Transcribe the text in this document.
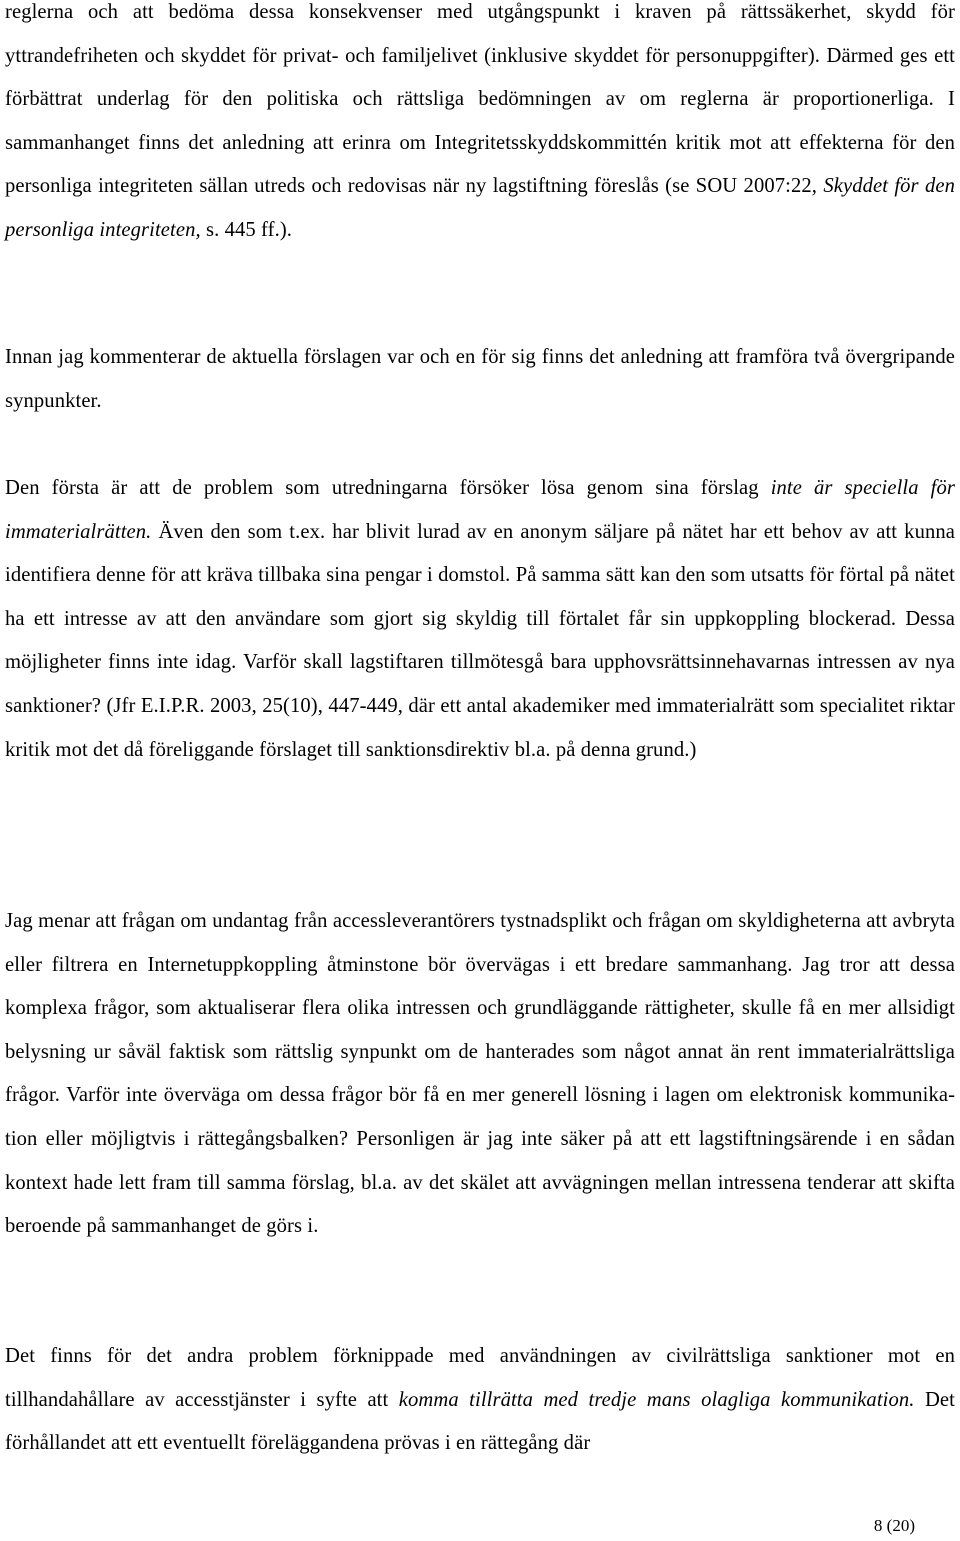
reglerna och att bedöma dessa konsekvenser med utgångspunkt i kraven på rättssäkerhet, skydd för yttrandefriheten och skyddet för privat- och familjelivet (inklusive skyddet för personuppgifter). Därmed ges ett förbättrat underlag för den politiska och rättsliga bedömningen av om reglerna är proportionerliga. I sammanhanget finns det anledning att erinra om Integritetsskyddskommittén kritik mot att effekterna för den personliga integriteten sällan utreds och redovisas när ny lagstiftning föreslås (se SOU 2007:22, Skyddet för den personliga integriteten, s. 445 ff.).

Innan jag kommenterar de aktuella förslagen var och en för sig finns det anledning att framföra två övergripande synpunkter.

Den första är att de problem som utredningarna försöker lösa genom sina förslag inte är speciella för immaterialrätten. Även den som t.ex. har blivit lurad av en anonym säljare på nätet har ett behov av att kunna identifiera denne för att kräva tillbaka sina pengar i domstol. På samma sätt kan den som utsatts för förtal på nätet ha ett intresse av att den användare som gjort sig skyldig till förtalet får sin uppkoppling blockerad. Dessa möjligheter finns inte idag. Varför skall lagstiftaren tillmötesgå bara upphovsrättsinnehavarnas intressen av nya sanktioner? (Jfr E.I.P.R. 2003, 25(10), 447-449, där ett antal akademiker med immaterialrätt som specialitet riktar kritik mot det då föreliggande förslaget till sanktionsdirektiv bl.a. på denna grund.)

Jag menar att frågan om undantag från accessleverantörers tystnadsplikt och frågan om skyldigheterna att avbryta eller filtrera en Internetuppkoppling åtminstone bör övervägas i ett bredare sammanhang. Jag tror att dessa komplexa frågor, som aktualiserar flera olika intressen och grundläggande rättigheter, skulle få en mer allsidigt belysning ur såväl faktisk som rättslig synpunkt om de hanterades som något annat än rent immaterialrättsliga frågor. Varför inte överväga om dessa frågor bör få en mer generell lösning i lagen om elektronisk kommunikation eller möjligtvis i rättegångsbalken? Personligen är jag inte säker på att ett lagstiftningsärende i en sådan kontext hade lett fram till samma förslag, bl.a. av det skälet att avvägningen mellan intressena tenderar att skifta beroende på sammanhanget de görs i.

Det finns för det andra problem förknippade med användningen av civilrättsliga sanktioner mot en tillhandahållare av accesstjänster i syfte att komma tillrätta med tredje mans olagliga kommunikation. Det förhållandet att ett eventuellt föreläggandena prövas i en rättegång där

8 (20)
